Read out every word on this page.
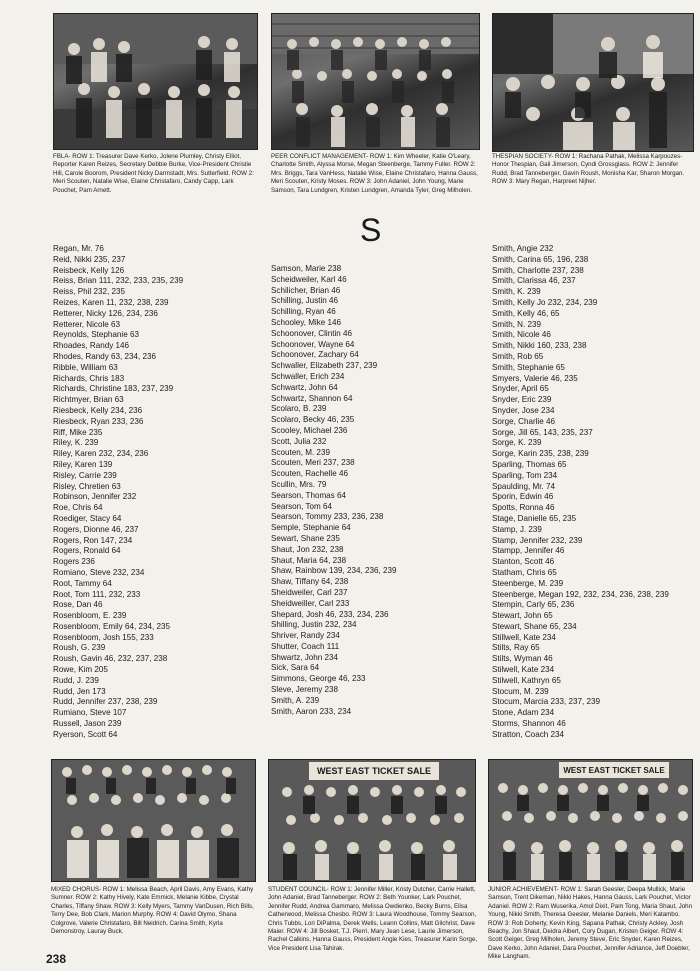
FBLA- ROW 1: Treasurer Dave Kerko, Jolene Plumley, Christy Elliot, Reporter Karen Reizes, Secretary Debbie Burke, Vice-President Christie Hill, Carole Boorom, President Nicky Darmstadt, Mrs. Sutterfield. ROW 2: Meri Scouten, Natalie Wise, Elaine Christafaro, Candy Capp, Lark Pouchet, Pam Arnett.
PEER CONFLICT MANAGEMENT- ROW 1: Kim Wheeler, Katie O'Leary, Charlotte Smith, Alyssa Morse, Megan Steenberge, Tammy Fuller. ROW 2: Mrs. Briggs, Tara VanHess, Natalie Wise, Elaine Christafaro, Hanna Gauss, Meri Scouten, Kristy Moses. ROW 3: John Adaniel, John Young, Marie Samson, Tara Lundgren, Kristen Lundgren, Amanda Tyler, Greg Milholen.
THESPIAN SOCIETY- ROW 1: Rachana Pathak, Melissa Karpouzes-Honor Thespian, Gail Jimerson, Cyndi Grossglass. ROW 2: Jennifer Rudd, Brad Tanneberger, Gavin Roush, Monisha Kar, Sharon Morgan. ROW 3: Mary Regan, Harpreet Nijher.
Regan, Mr. 76
Reid, Nikki 235, 237
Reisbeck, Kelly 126
Reiss, Brian 111, 232, 233, 235, 239
Reiss, Phil 232, 235
Reizes, Karen 11, 232, 238, 239
Retterer, Nicky 126, 234, 236
Retterer, Nicole 63
Reynolds, Stephanie 63
Rhoades, Randy 146
Rhodes, Randy 63, 234, 236
Ribble, William 63
Richards, Chris 183
Richards, Christine 183, 237, 239
Richtmyer, Brian 63
Riesbeck, Kelly 234, 236
Riesbeck, Ryan 233, 236
Riff, Mike 235
Riley, K. 239
Riley, Karen 232, 234, 236
Riley, Karen 139
Risley, Carrie 239
Risley, Chretien 63
Robinson, Jennifer 232
Roe, Chris 64
Roediger, Stacy 64
Rogers, Dionne 46, 237
Rogers, Ron 147, 234
Rogers, Ronald 64
Rogers 236
Romiano, Steve 232, 234
Root, Tammy 64
Root, Tom 111, 232, 233
Rose, Dan 46
Rosenbloom, E. 239
Rosenbloom, Emily 64, 234, 235
Rosenbloom, Josh 155, 233
Roush, G. 239
Roush, Gavin 46, 232, 237, 238
Rowe, Kim 205
Rudd, J. 239
Rudd, Jen 173
Rudd, Jennifer 237, 238, 239
Rumiano, Steve 107
Russell, Jason 239
Ryerson, Scott 64
S
Samson, Marie 238
Scheidweiler, Karl 46
Schilicher, Brian 46
Schilling, Justin 46
Schilling, Ryan 46
Schooley, Mike 146
Schoonover, Clintin 46
Schoonover, Wayne 64
Schoonover, Zachary 64
Schwaller, Elizabeth 237, 239
Schwaller, Erich 234
Schwartz, John 64
Schwartz, Shannon 64
Scolaro, B. 239
Scolaro, Becky 46, 235
Scooley, Michael 236
Scott, Julia 232
Scouten, M. 239
Scouten, Meri 237, 238
Scouten, Rachelle 46
Scullin, Mrs. 79
Searson, Thomas 64
Searson, Tom 64
Searson, Tommy 233, 236, 238
Semple, Stephanie 64
Sewart, Shane 235
Shaut, Jon 232, 238
Shaut, Maria 64, 238
Shaw, Rainbow 139, 234, 236, 239
Shaw, Tiffany 64, 238
Sheidweiler, Carl 237
Sheidweiller, Carl 233
Shepard, Josh 46, 233, 234, 236
Shilling, Justin 232, 234
Shriver, Randy 234
Shutter, Coach 111
Shwartz, John 234
Sick, Sara 64
Simmons, George 46, 233
Sleve, Jeremy 238
Smith, A. 239
Smith, Aaron 233, 234
Smith, Angie 232
Smith, Carina 65, 196, 238
Smith, Charlotte 237, 238
Smith, Clarissa 46, 237
Smith, K. 239
Smith, Kelly Jo 232, 234, 239
Smith, Kelly 46, 65
Smith, N. 239
Smith, Nicole 46
Smith, Nikki 160, 233, 238
Smith, Rob 65
Smith, Stephanie 65
Smyers, Valerie 46, 235
Snyder, April 65
Snyder, Eric 239
Snyder, Jose 234
Sorge, Charlie 46
Sorge, Jill 65, 143, 235, 237
Sorge, K. 239
Sorge, Karin 235, 238, 239
Sparling, Thomas 65
Sparling, Tom 234
Spaulding, Mr. 74
Sporin, Edwin 46
Spotts, Ronna 46
Stage, Danielle 65, 235
Stamp, J. 239
Stamp, Jennifer 232, 239
Stampp, Jennifer 46
Stanton, Scott 46
Statham, Chris 65
Steenberge, M. 239
Steenberge, Megan 192, 232, 234, 236, 238, 239
Stempin, Carly 65, 236
Stewart, John 65
Stewart, Shane 65, 234
Stillwell, Kate 234
Stilts, Ray 65
Stilts, Wyman 46
Stilwell, Kate 234
Stilwell, Kathryn 65
Stocum, M. 239
Stocum, Marcia 233, 237, 239
Stone, Adam 234
Storms, Shannon 46
Stratton, Coach 234
MIXED CHORUS- ROW 1: Melissa Beach, April Davis, Amy Evans, Kathy Sumner. ROW 2: Kathy Hively, Kate Emmick, Melanie Kibbe, Crystal Charles, Tiffany Shaw. ROW 3: Kelly Myers, Tammy VanDusen, Rich Bills, Terry Dee, Bob Clark, Marion Murphy. ROW 4: David Olymo, Shana Colgrove, Valerie Christafaro, Bill Neidrich, Carina Smith, Kyrla Demonstroy, Lauray Buck.
WEST EAST TICKET SALE
STUDENT COUNCIL- ROW 1: Jennifer Miller, Kristy Dutcher, Carrie Hallett, John Adaniel, Brad Tanneberger. ROW 2: Beth Younker, Lark Pouchet, Jennifer Rudd, Andrea Gammaro, Melissa Owdienko, Becky Burns, Elisa Catherwood, Melissa Chesbo. ROW 3: Laura Woodhouse, Tommy Searson, Chris Tubbs, Lori DiPalma, Derek Wells, Leann Collins, Matt Gilchrist, Dave Maier. ROW 4: Jill Bosket, T.J. Pierri, Mary Jean Lese, Laurie Jimerson, Rachel Calkins, Hanna Gauss, President Angie Kies, Treasurer Karin Sorge, Vice President Lisa Tahirak.
WEST EAST TICKET SALE
JUNIOR ACHIEVEMENT- ROW 1: Sarah Geesler, Deepa Mullick, Marie Samson, Trent Dikeman, Nikki Hakes, Hanna Gauss, Lark Pouchet, Victor Adaniel. ROW 2: Ram Wuserika, Amol Dixit, Pam Tong, Maria Shaut, John Young, Nikki Smith, Theresa Geesler, Melanie Daniels, Meri Katambo. ROW 3: Rob Doherty, Kevin King, Sapana Pathak, Christy Ackley, Josh Beachy, Jon Shaut, Deidra Albert, Cory Dugan, Kristen Geiger. ROW 4: Scott Geiger, Greg Milholen, Jeremy Steve, Eric Snyder, Karen Reizes, Dave Kerko, John Adaniel, Dara Pouchet, Jennifer Adriance, Jeff Doebler, Mike Langham.
238
